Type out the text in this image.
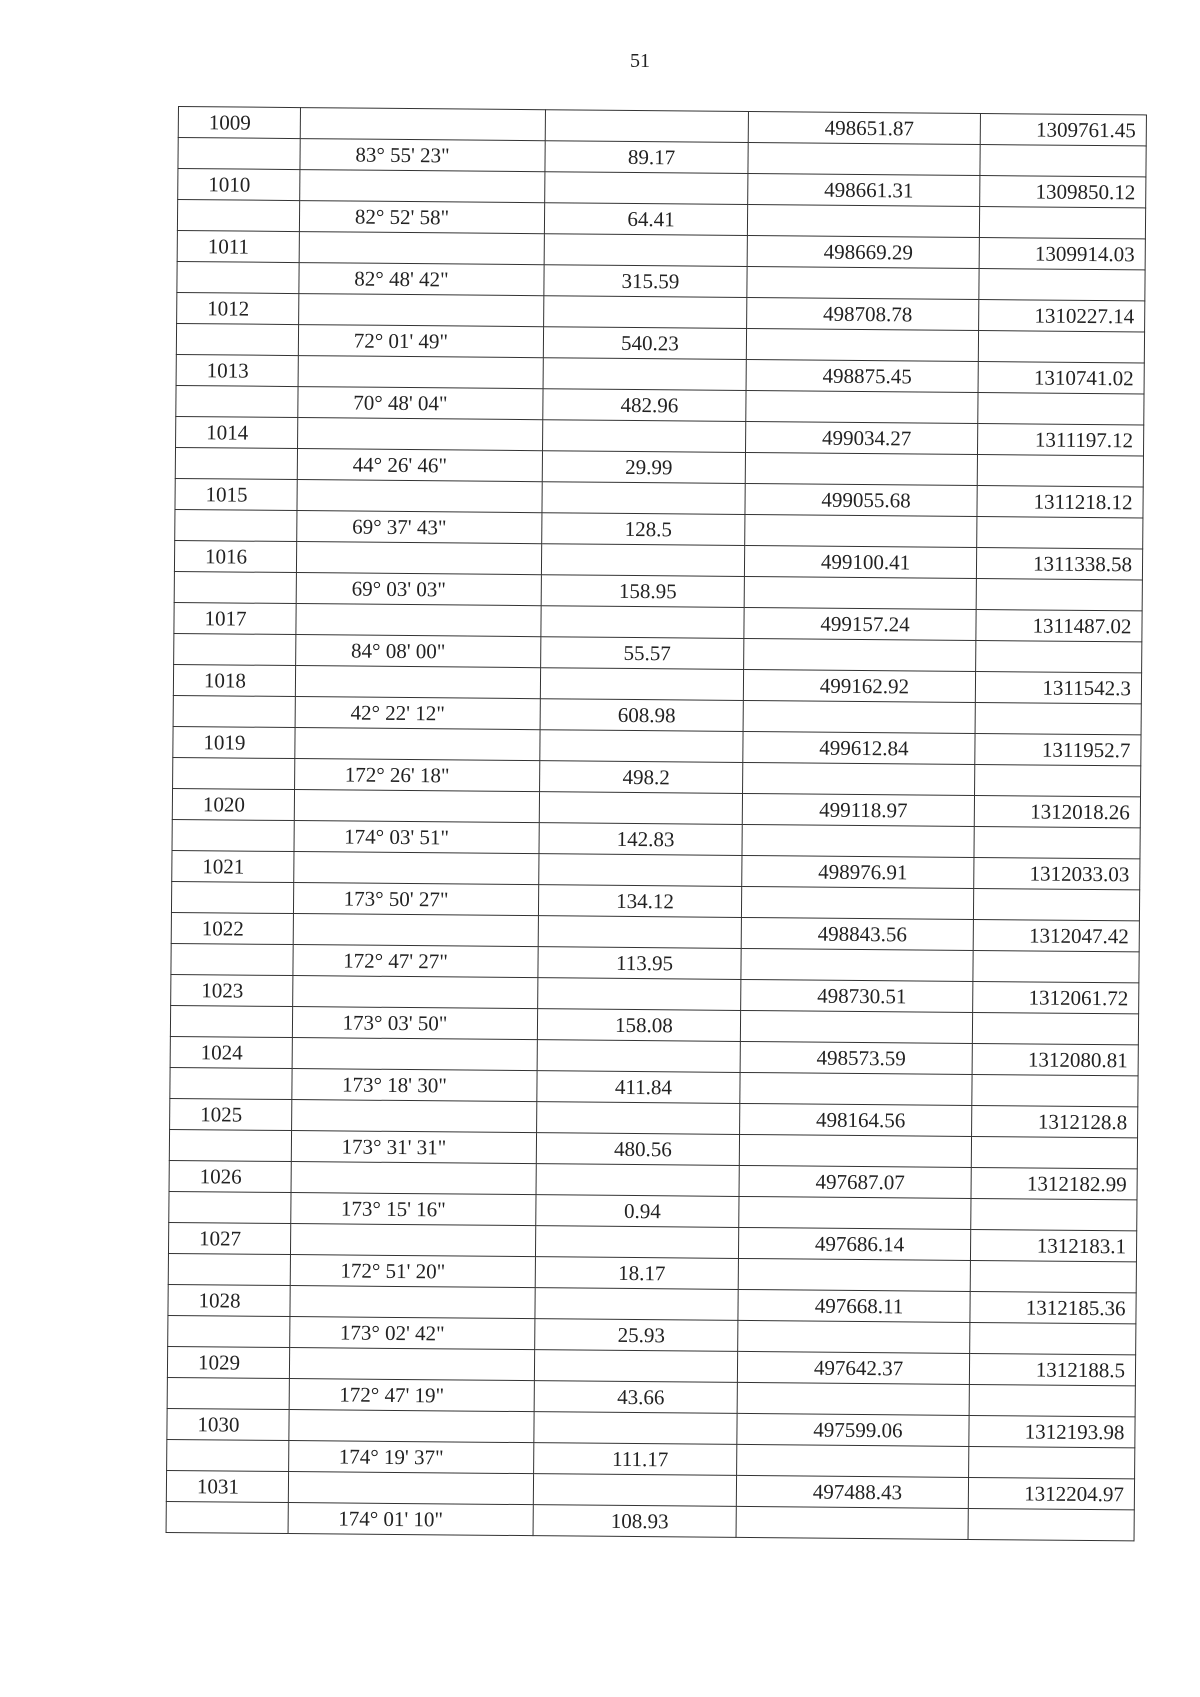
51
1009			498651.87	1309761.45
	83° 55' 23"	89.17		
1010			498661.31	1309850.12
	82° 52' 58"	64.41		
1011			498669.29	1309914.03
	82° 48' 42"	315.59		
1012			498708.78	1310227.14
	72° 01' 49"	540.23		
1013			498875.45	1310741.02
	70° 48' 04"	482.96		
1014			499034.27	1311197.12
	44° 26' 46"	29.99		
1015			499055.68	1311218.12
	69° 37' 43"	128.5		
1016			499100.41	1311338.58
	69° 03' 03"	158.95		
1017			499157.24	1311487.02
	84° 08' 00"	55.57		
1018			499162.92	1311542.3
	42° 22' 12"	608.98		
1019			499612.84	1311952.7
	172° 26' 18"	498.2		
1020			499118.97	1312018.26
	174° 03' 51"	142.83		
1021			498976.91	1312033.03
	173° 50' 27"	134.12		
1022			498843.56	1312047.42
	172° 47' 27"	113.95		
1023			498730.51	1312061.72
	173° 03' 50"	158.08		
1024			498573.59	1312080.81
	173° 18' 30"	411.84		
1025			498164.56	1312128.8
	173° 31' 31"	480.56		
1026			497687.07	1312182.99
	173° 15' 16"	0.94		
1027			497686.14	1312183.1
	172° 51' 20"	18.17		
1028			497668.11	1312185.36
	173° 02' 42"	25.93		
1029			497642.37	1312188.5
	172° 47' 19"	43.66		
1030			497599.06	1312193.98
	174° 19' 37"	111.17		
1031			497488.43	1312204.97
	174° 01' 10"	108.93		
